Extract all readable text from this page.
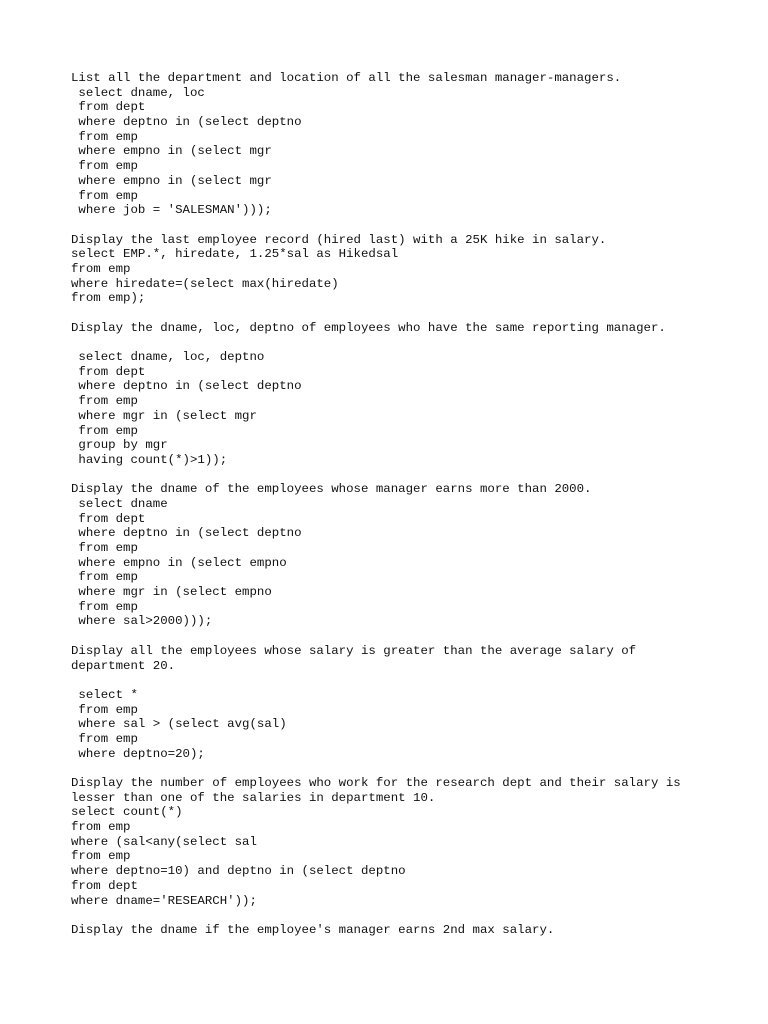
List all the department and location of all the salesman manager-managers.
select dname, loc
from dept
where deptno in (select deptno
from emp
where empno in (select mgr
from emp
where empno in (select mgr
from emp
where job = 'SALESMAN')));
Display the last employee record (hired last) with a 25K hike in salary.
select EMP.*, hiredate, 1.25*sal as Hikedsal
from emp
where hiredate=(select max(hiredate)
from emp);
Display the dname, loc, deptno of employees who have the same reporting manager.
select dname, loc, deptno
from dept
where deptno in (select deptno
from emp
where mgr in (select mgr
from emp
group by mgr
having count(*)>1));
Display the dname of the employees whose manager earns more than 2000.
select dname
from dept
where deptno in (select deptno
from emp
where empno in (select empno
from emp
where mgr in (select empno
from emp
where sal>2000)));
Display all the employees whose salary is greater than the average salary of
department 20.
select *
from emp
where sal > (select avg(sal)
from emp
where deptno=20);
Display the number of employees who work for the research dept and their salary is
lesser than one of the salaries in department 10.
select count(*)
from emp
where (sal<any(select sal
from emp
where deptno=10) and deptno in (select deptno
from dept
where dname='RESEARCH'));
Display the dname if the employee's manager earns 2nd max salary.
